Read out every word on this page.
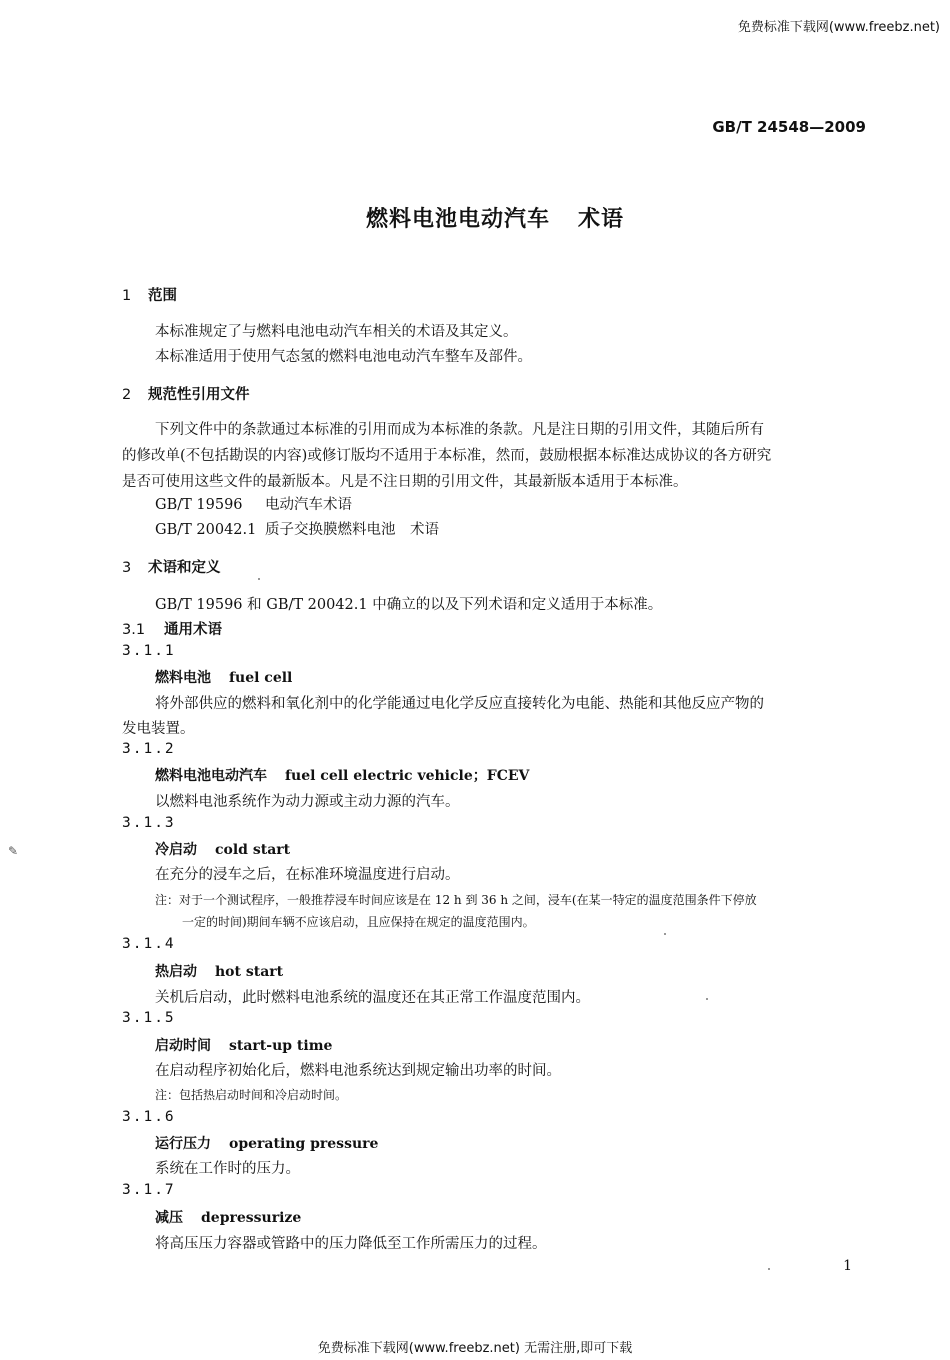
免费标准下载网(www.freebz.net)
GB/T 24548—2009
燃料电池电动汽车 术语
1 范围
本标准规定了与燃料电池电动汽车相关的术语及其定义。
本标准适用于使用气态氢的燃料电池电动汽车整车及部件。
2 规范性引用文件
下列文件中的条款通过本标准的引用而成为本标准的条款。凡是注日期的引用文件，其随后所有
的修改单(不包括勘误的内容)或修订版均不适用于本标准，然而，鼓励根据本标准达成协议的各方研究
是否可使用这些文件的最新版本。凡是不注日期的引用文件，其最新版本适用于本标准。
GB/T 19596 电动汽车术语
GB/T 20042.1 质子交换膜燃料电池　术语
3 术语和定义
GB/T 19596 和 GB/T 20042.1 中确立的以及下列术语和定义适用于本标准。
3.1 通用术语
3.1.1
燃料电池 fuel cell
将外部供应的燃料和氧化剂中的化学能通过电化学反应直接转化为电能、热能和其他反应产物的
发电装置。
3.1.2
燃料电池电动汽车 fuel cell electric vehicle；FCEV
以燃料电池系统作为动力源或主动力源的汽车。
3.1.3
✎	冷启动 cold start
在充分的浸车之后，在标准环境温度进行启动。
注：对于一个测试程序，一般推荐浸车时间应该是在 12 h 到 36 h 之间，浸车(在某一特定的温度范围条件下停放
一定的时间)期间车辆不应该启动，且应保持在规定的温度范围内。
3.1.4
热启动 hot start
关机后启动，此时燃料电池系统的温度还在其正常工作温度范围内。
3.1.5
启动时间 start-up time
在启动程序初始化后，燃料电池系统达到规定输出功率的时间。
注：包括热启动时间和冷启动时间。
3.1.6
运行压力 operating pressure
系统在工作时的压力。
3.1.7
减压 depressurize
将高压压力容器或管路中的压力降低至工作所需压力的过程。
1
免费标准下载网(www.freebz.net) 无需注册,即可下载
